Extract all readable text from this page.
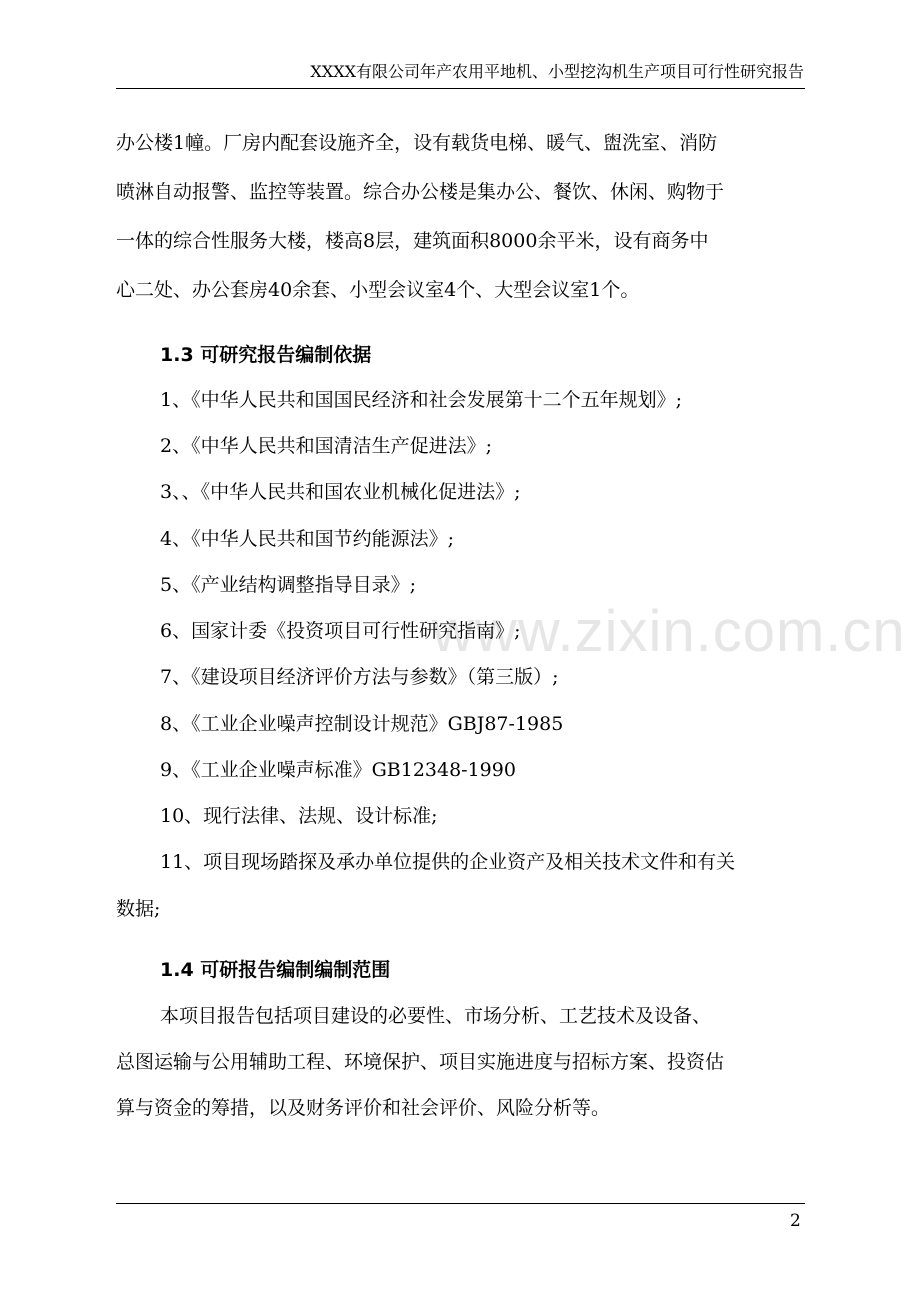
XXXX有限公司年产农用平地机、小型挖沟机生产项目可行性研究报告
www.zixin.com.cn
办公楼1幢。厂房内配套设施齐全，设有载货电梯、暖气、盥洗室、消防
喷淋自动报警、监控等装置。综合办公楼是集办公、餐饮、休闲、购物于
一体的综合性服务大楼，楼高8层，建筑面积8000余平米，设有商务中
心二处、办公套房40余套、小型会议室4个、大型会议室1个。
1.3 可研究报告编制依据
1、《中华人民共和国国民经济和社会发展第十二个五年规划》;
2、《中华人民共和国清洁生产促进法》;
3、、《中华人民共和国农业机械化促进法》;
4、《中华人民共和国节约能源法》;
5、《产业结构调整指导目录》;
6、国家计委《投资项目可行性研究指南》;
7、《建设项目经济评价方法与参数》（第三版）;
8、《工业企业噪声控制设计规范》GBJ87-1985
9、《工业企业噪声标准》GB12348-1990
10、现行法律、法规、设计标准;
11、项目现场踏探及承办单位提供的企业资产及相关技术文件和有关
数据;
1.4 可研报告编制编制范围
本项目报告包括项目建设的必要性、市场分析、工艺技术及设备、
总图运输与公用辅助工程、环境保护、项目实施进度与招标方案、投资估
算与资金的筹措，以及财务评价和社会评价、风险分析等。
2
